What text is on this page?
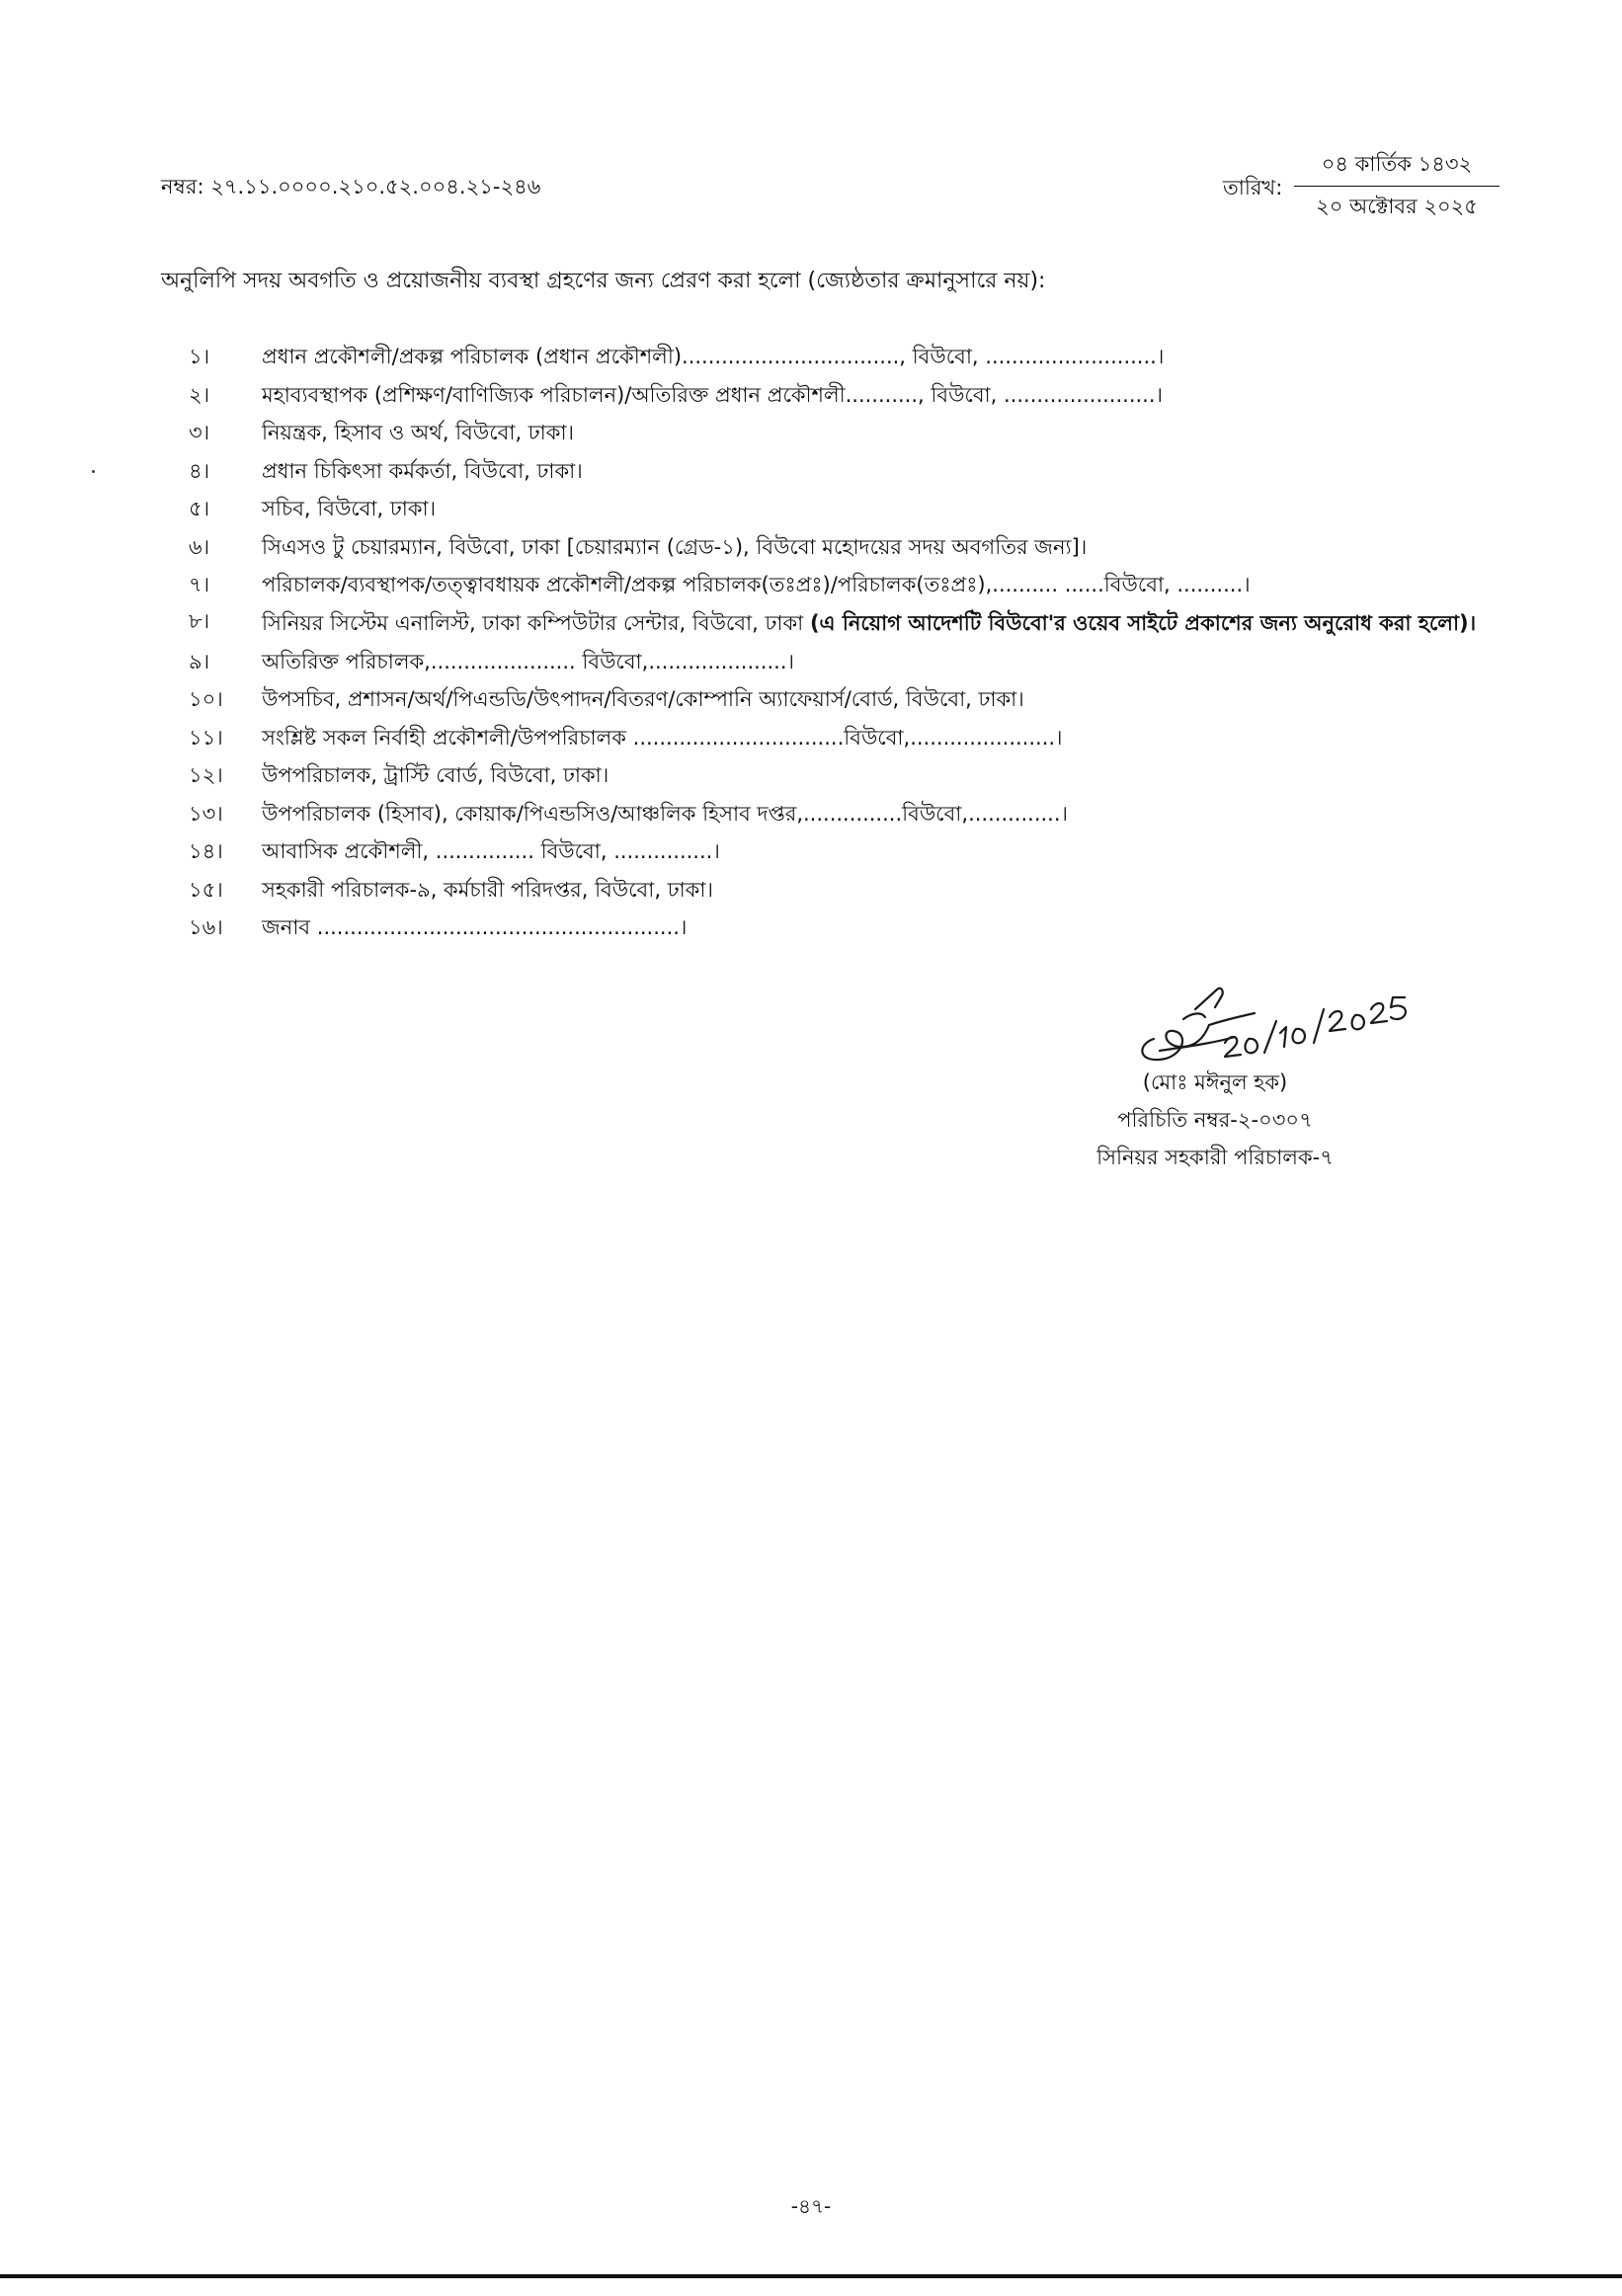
নম্বর: ২৭.১১.০০০০.২১০.৫২.০০৪.২১-২৪৬	তারিখ:
০৪ কার্তিক ১৪৩২
২০ অক্টোবর ২০২৫
অনুলিপি সদয় অবগতি ও প্রয়োজনীয় ব্যবস্থা গ্রহণের জন্য প্রেরণ করা হলো (জ্যেষ্ঠতার ক্রমানুসারে নয়):
১।	প্রধান প্রকৌশলী/প্রকল্প পরিচালক (প্রধান প্রকৌশলী)................................., বিউবো, ..........................।
২।	মহাব্যবস্থাপক (প্রশিক্ষণ/বাণিজ্যিক পরিচালন)/অতিরিক্ত প্রধান প্রকৌশলী..........., বিউবো, .......................।
৩।	নিয়ন্ত্রক, হিসাব ও অর্থ, বিউবো, ঢাকা।
৪।	প্রধান চিকিৎসা কর্মকর্তা, বিউবো, ঢাকা।
৫।	সচিব, বিউবো, ঢাকা।
৬।	সিএসও টু চেয়ারম্যান, বিউবো, ঢাকা [চেয়ারম্যান (গ্রেড-১), বিউবো মহোদয়ের সদয় অবগতির জন্য]।
৭।	পরিচালক/ব্যবস্থাপক/তত্ত্বাবধায়ক প্রকৌশলী/প্রকল্প পরিচালক(তঃপ্রঃ)/পরিচালক(তঃপ্রঃ),.......... ......বিউবো, ..........।
৮।	সিনিয়র সিস্টেম এনালিস্ট, ঢাকা কম্পিউটার সেন্টার, বিউবো, ঢাকা (এ নিয়োগ আদেশটি বিউবো'র ওয়েব সাইটে প্রকাশের জন্য অনুরোধ করা হলো)।
৯।	অতিরিক্ত পরিচালক,...................... বিউবো,.....................।
১০।	উপসচিব, প্রশাসন/অর্থ/পিএন্ডডি/উৎপাদন/বিতরণ/কোম্পানি অ্যাফেয়ার্স/বোর্ড, বিউবো, ঢাকা।
১১।	সংশ্লিষ্ট সকল নির্বাহী প্রকৌশলী/উপপরিচালক ................................বিউবো,......................।
১২।	উপপরিচালক, ট্রাস্টি বোর্ড, বিউবো, ঢাকা।
১৩।	উপপরিচালক (হিসাব), কোয়াক/পিএন্ডসিও/আঞ্চলিক হিসাব দপ্তর,...............বিউবো,..............।
১৪।	আবাসিক প্রকৌশলী, ............... বিউবো, ...............।
১৫।	সহকারী পরিচালক-৯, কর্মচারী পরিদপ্তর, বিউবো, ঢাকা।
১৬।	জনাব .......................................................।
(মোঃ মঈনুল হক)
পরিচিতি নম্বর-২-০৩০৭
সিনিয়র সহকারী পরিচালক-৭
-৪৭-
